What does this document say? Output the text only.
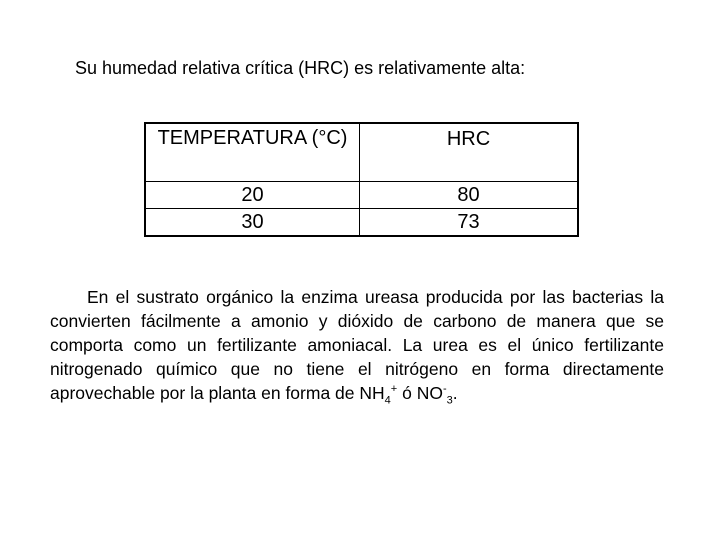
Su humedad relativa crítica (HRC) es relativamente alta:
TEMPERATURA (°C)	HRC
20	80
30	73
En el sustrato orgánico la enzima ureasa producida por las bacterias la convierten fácilmente a amonio y dióxido de carbono de manera que se comporta como un fertilizante amoniacal. La urea es el único fertilizante nitrogenado químico que no tiene el nitrógeno en forma directamente aprovechable por la planta en forma de $NH_4^+$ ó $NO^-_3$.
